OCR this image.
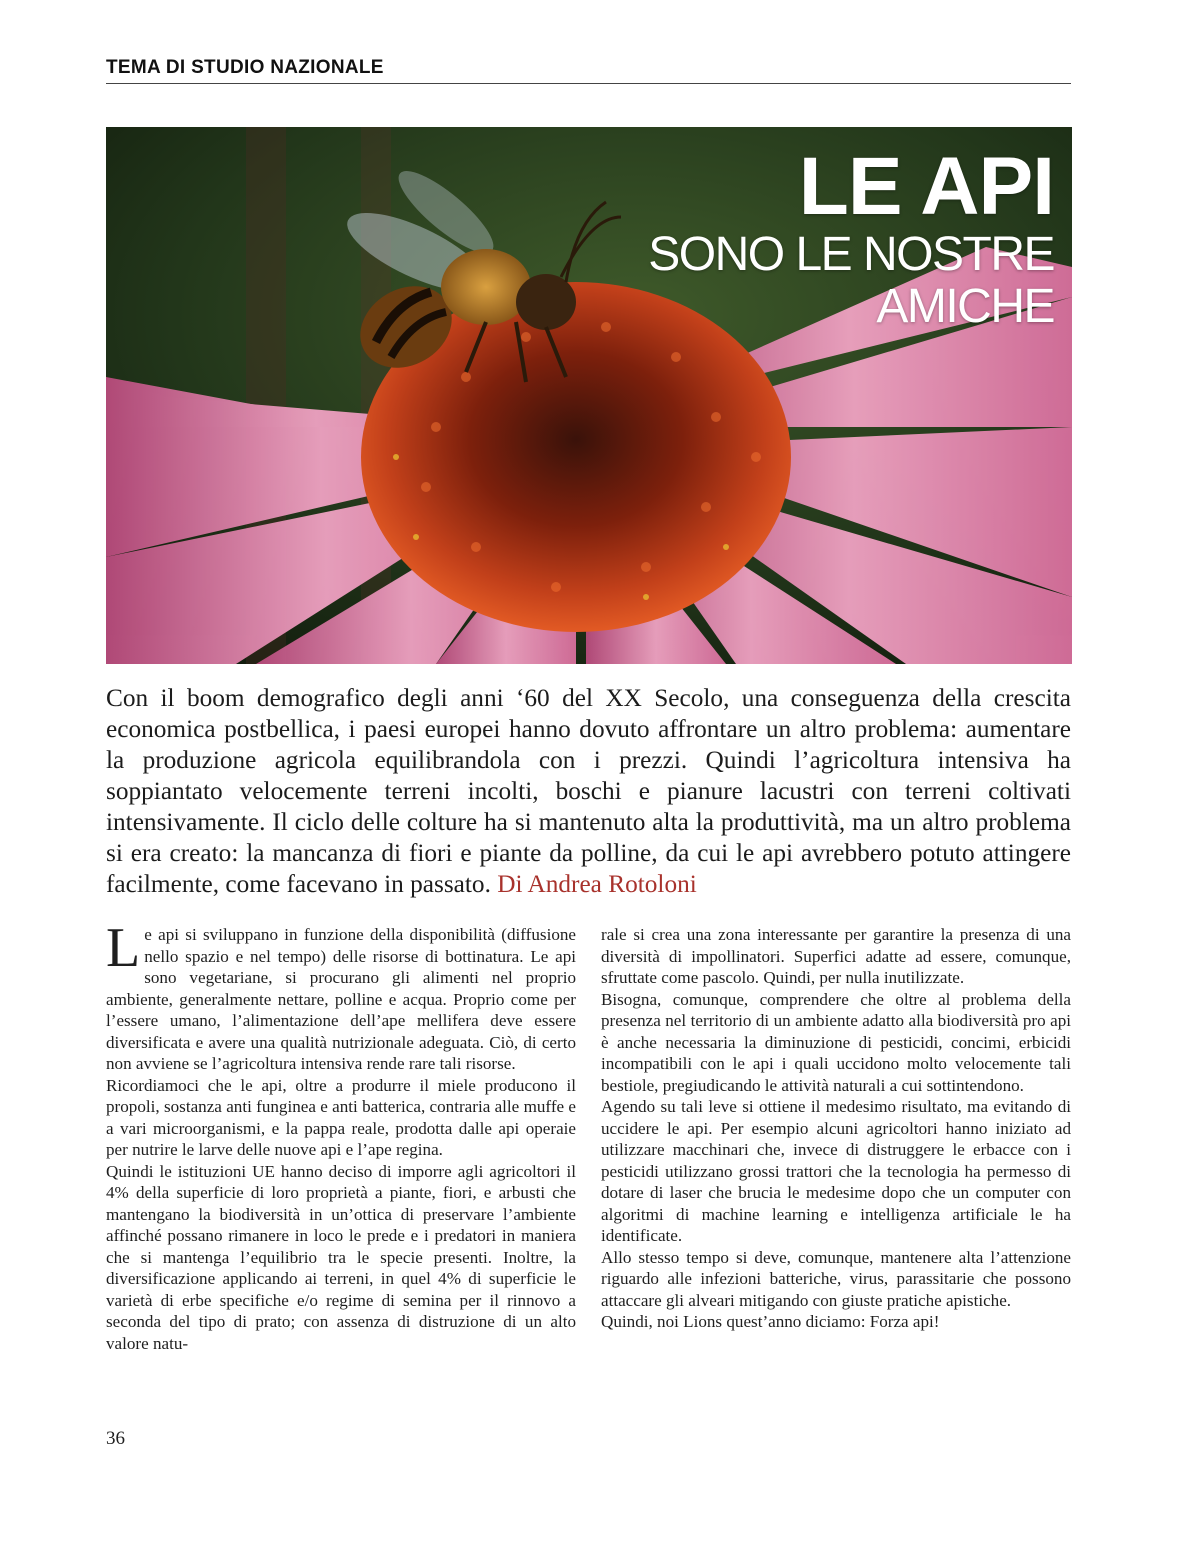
TEMA DI STUDIO NAZIONALE
LE API
SONO LE NOSTRE
AMICHE
Con il boom demografico degli anni ‘60 del XX Secolo, una conseguenza della crescita economica postbellica, i paesi europei hanno dovuto affrontare un altro problema: aumentare la produzione agricola equilibrandola con i prezzi. Quindi l’agricoltura intensiva ha soppiantato velocemente terreni incolti, boschi e pianure lacustri con terreni coltivati intensivamente. Il ciclo delle colture ha si mantenuto alta la produttività, ma un altro problema si era creato: la mancanza di fiori e piante da polline, da cui le api avrebbero potuto attingere facilmente, come facevano in passato. Di Andrea Rotoloni

Le api si sviluppano in funzione della disponibilità (diffusione nello spazio e nel tempo) delle risorse di bottinatura. Le api sono vegetariane, si procurano gli alimenti nel proprio ambiente, generalmente nettare, polline e acqua. Proprio come per l’essere umano, l’alimentazione dell’ape mellifera deve essere diversificata e avere una qualità nutrizionale adeguata. Ciò, di certo non avviene se l’agricoltura intensiva rende rare tali risorse.

Ricordiamoci che le api, oltre a produrre il miele producono il propoli, sostanza anti funginea e anti batterica, contraria alle muffe e a vari microorganismi, e la pappa reale, prodotta dalle api operaie per nutrire le larve delle nuove api e l’ape regina.

Quindi le istituzioni UE hanno deciso di imporre agli agricoltori il 4% della superficie di loro proprietà a piante, fiori, e arbusti che mantengano la biodiversità in un’ottica di preservare l’ambiente affinché possano rimanere in loco le prede e i predatori in maniera che si mantenga l’equilibrio tra le specie presenti. Inoltre, la diversificazione applicando ai terreni, in quel 4% di superficie le varietà di erbe specifiche e/o regime di semina per il rinnovo a seconda del tipo di prato; con assenza di distruzione di un alto valore natu-

rale si crea una zona interessante per garantire la presenza di una diversità di impollinatori. Superfici adatte ad essere, comunque, sfruttate come pascolo. Quindi, per nulla inutilizzate.

Bisogna, comunque, comprendere che oltre al problema della presenza nel territorio di un ambiente adatto alla biodiversità pro api è anche necessaria la diminuzione di pesticidi, concimi, erbicidi incompatibili con le api i quali uccidono molto velocemente tali bestiole, pregiudicando le attività naturali a cui sottintendono.

Agendo su tali leve si ottiene il medesimo risultato, ma evitando di uccidere le api. Per esempio alcuni agricoltori hanno iniziato ad utilizzare macchinari che, invece di distruggere le erbacce con i pesticidi utilizzano grossi trattori che la tecnologia ha permesso di dotare di laser che brucia le medesime dopo che un computer con algoritmi di machine learning e intelligenza artificiale le ha identificate.

Allo stesso tempo si deve, comunque, mantenere alta l’attenzione riguardo alle infezioni batteriche, virus, parassitarie che possono attaccare gli alveari mitigando con giuste pratiche apistiche.

Quindi, noi Lions quest’anno diciamo: Forza api!

36
